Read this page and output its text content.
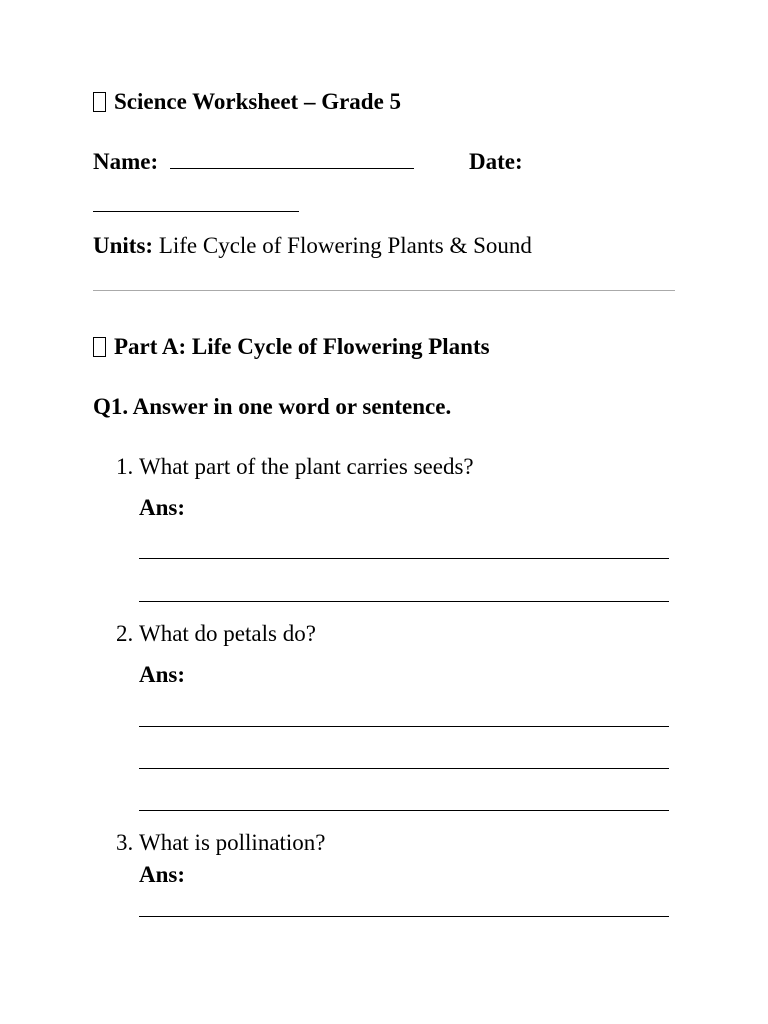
Science Worksheet – Grade 5
Name:	Date:
Units: Life Cycle of Flowering Plants & Sound
Part A: Life Cycle of Flowering Plants
Q1. Answer in one word or sentence.
1. What part of the plant carries seeds?
Ans:
2. What do petals do?
Ans:
3. What is pollination?
Ans:
